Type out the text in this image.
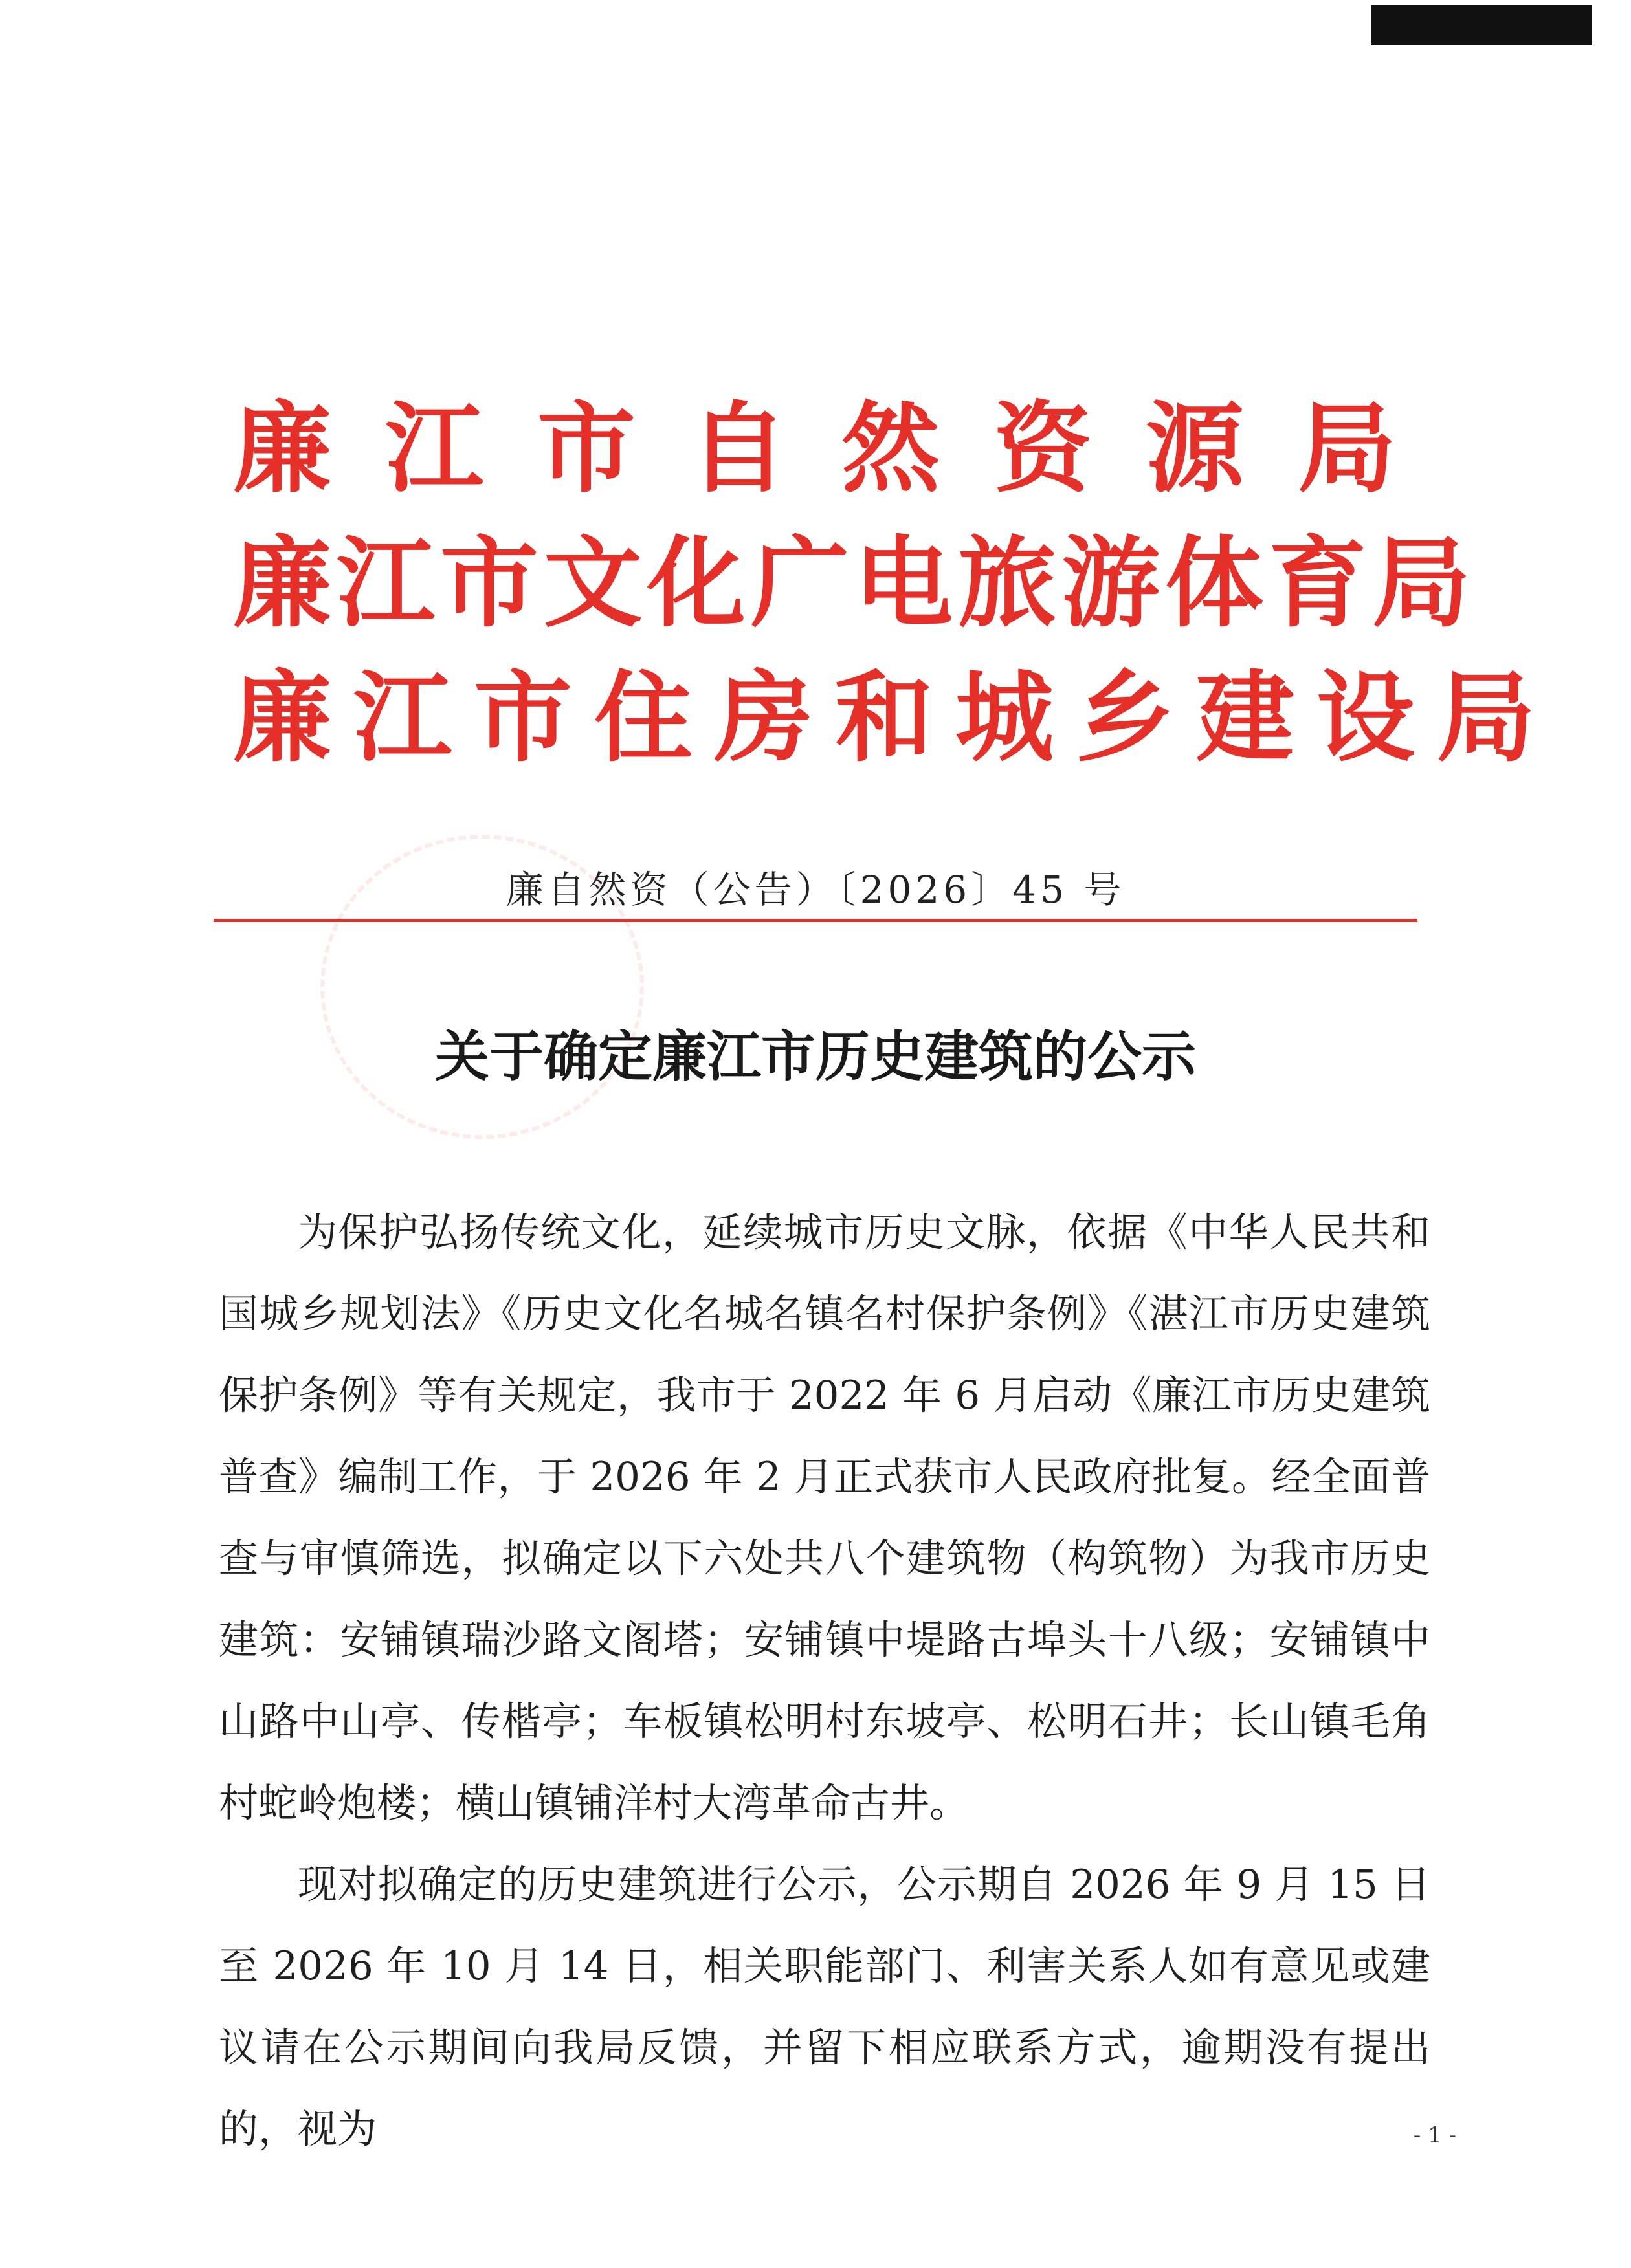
廉江市自然资源局
廉江市文化广电旅游体育局
廉江市住房和城乡建设局
廉自然资（公告）〔2026〕45 号
关于确定廉江市历史建筑的公示

为保护弘扬传统文化，延续城市历史文脉，依据《中华人民共和国城乡规划法》《历史文化名城名镇名村保护条例》《湛江市历史建筑保护条例》等有关规定，我市于 2022 年 6 月启动《廉江市历史建筑普查》编制工作，于 2026 年 2 月正式获市人民政府批复。经全面普查与审慎筛选，拟确定以下六处共八个建筑物（构筑物）为我市历史建筑：安铺镇瑞沙路文阁塔；安铺镇中堤路古埠头十八级；安铺镇中山路中山亭、传楷亭；车板镇松明村东坡亭、松明石井；长山镇毛角村蛇岭炮楼；横山镇铺洋村大湾革命古井。

现对拟确定的历史建筑进行公示，公示期自 2026 年 9 月 15 日至 2026 年 10 月 14 日，相关职能部门、利害关系人如有意见或建议请在公示期间向我局反馈，并留下相应联系方式，逾期没有提出的，视为	- 1 -
